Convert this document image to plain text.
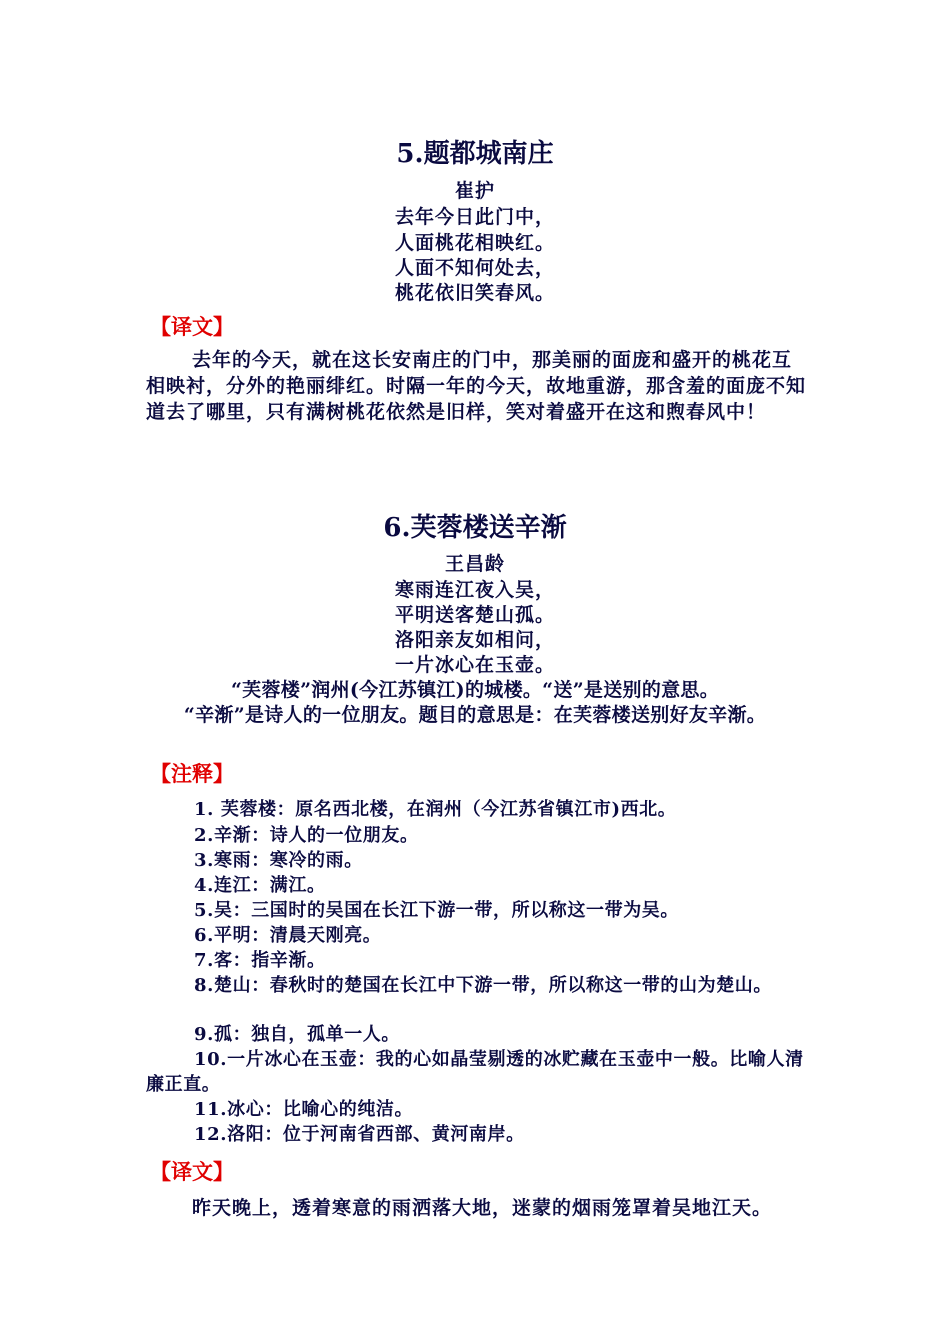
5.题都城南庄
崔护
去年今日此门中，
人面桃花相映红。
人面不知何处去，
桃花依旧笑春风。
【译文】
去年的今天，就在这长安南庄的门中，那美丽的面庞和盛开的桃花互相映衬，分外的艳丽绯红。时隔一年的今天，故地重游，那含羞的面庞不知道去了哪里，只有满树桃花依然是旧样，笑对着盛开在这和煦春风中！
6.芙蓉楼送辛渐
王昌龄
寒雨连江夜入吴，
平明送客楚山孤。
洛阳亲友如相问，
一片冰心在玉壶。
“芙蓉楼”润州(今江苏镇江)的城楼。“送”是送别的意思。
“辛渐”是诗人的一位朋友。题目的意思是：在芙蓉楼送别好友辛渐。
【注释】
1. 芙蓉楼：原名西北楼，在润州（今江苏省镇江市)西北。
2.辛渐：诗人的一位朋友。
3.寒雨：寒冷的雨。
4.连江：满江。
5.吴：三国时的吴国在长江下游一带，所以称这一带为吴。
6.平明：清晨天刚亮。
7.客：指辛渐。
8.楚山：春秋时的楚国在长江中下游一带，所以称这一带的山为楚山。
9.孤：独自，孤单一人。
10.一片冰心在玉壶：我的心如晶莹剔透的冰贮藏在玉壶中一般。比喻人清廉正直。
11.冰心：比喻心的纯洁。
12.洛阳：位于河南省西部、黄河南岸。
【译文】
昨天晚上，透着寒意的雨洒落大地，迷蒙的烟雨笼罩着吴地江天。
